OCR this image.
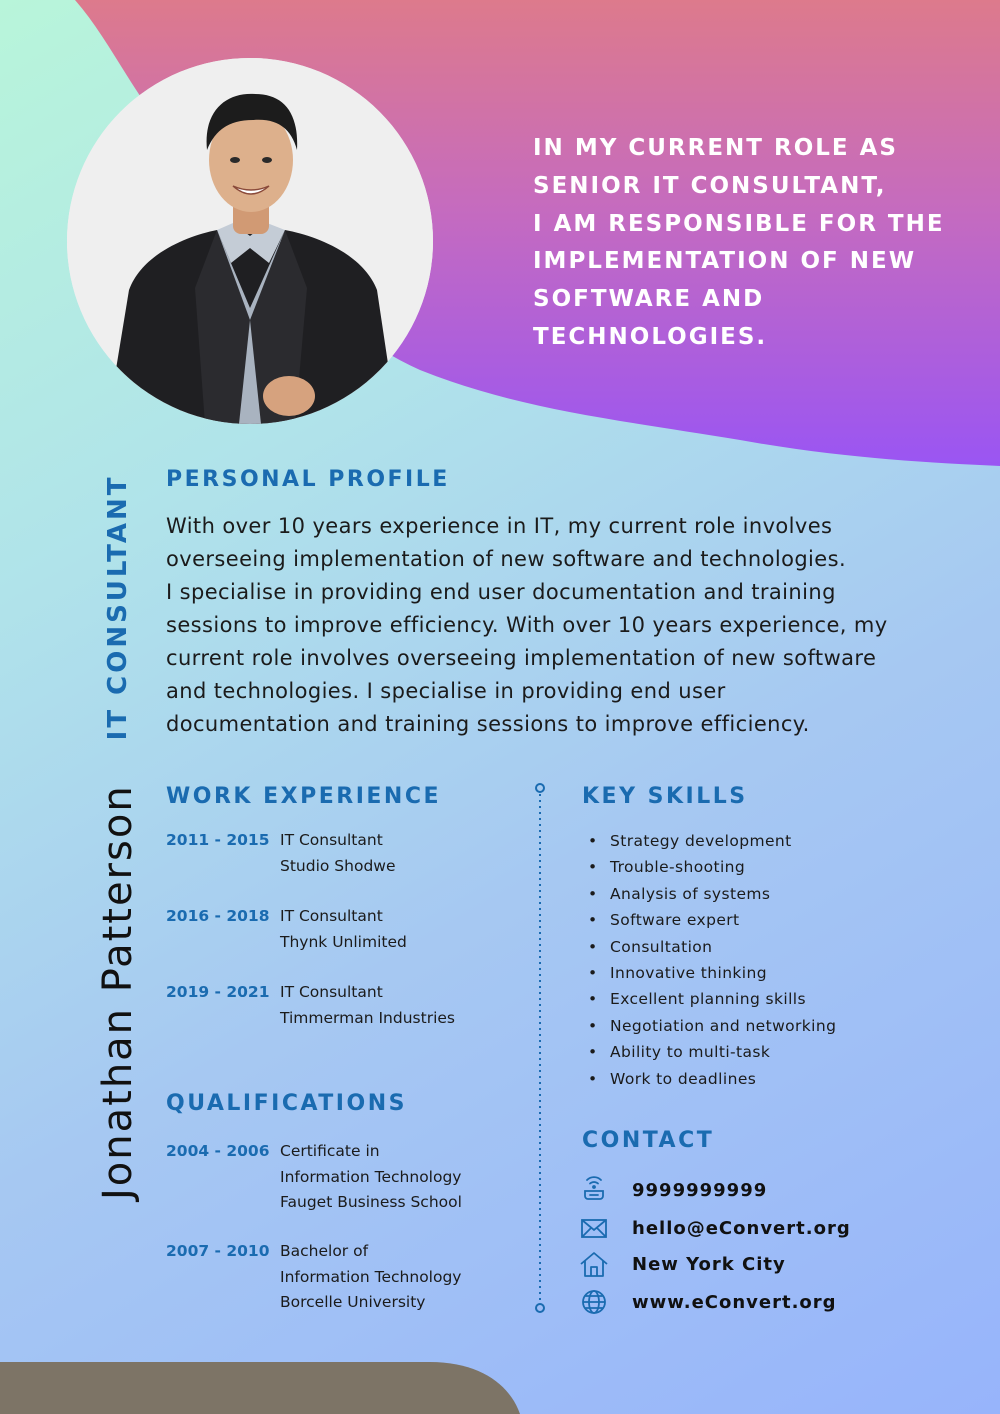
IN MY CURRENT ROLE AS
SENIOR IT CONSULTANT,
I AM RESPONSIBLE FOR THE
IMPLEMENTATION OF NEW
SOFTWARE AND
TECHNOLOGIES.
Jonathan Patterson
IT CONSULTANT	PERSONAL PROFILE
With over 10 years experience in IT, my current role involves
overseeing implementation of new software and technologies.
I specialise in providing end user documentation and training
sessions to improve efficiency. With over 10 years experience, my
current role involves overseeing implementation of new software
and technologies. I specialise in providing end user
documentation and training sessions to improve efficiency.
WORK EXPERIENCE
2011 - 2015 IT Consultant
Studio Shodwe
2016 - 2018 IT Consultant
Thynk Unlimited
2019 - 2021 IT Consultant
Timmerman Industries
QUALIFICATIONS
2004 - 2006 Certificate in
Information Technology
Fauget Business School
2007 - 2010 Bachelor of
Information Technology
Borcelle University
KEY SKILLS
• Strategy development
• Trouble-shooting
• Analysis of systems
• Software expert
• Consultation
• Innovative thinking
• Excellent planning skills
• Negotiation and networking
• Ability to multi-task
• Work to deadlines
CONTACT
9999999999
hello@eConvert.org
New York City
www.eConvert.org
